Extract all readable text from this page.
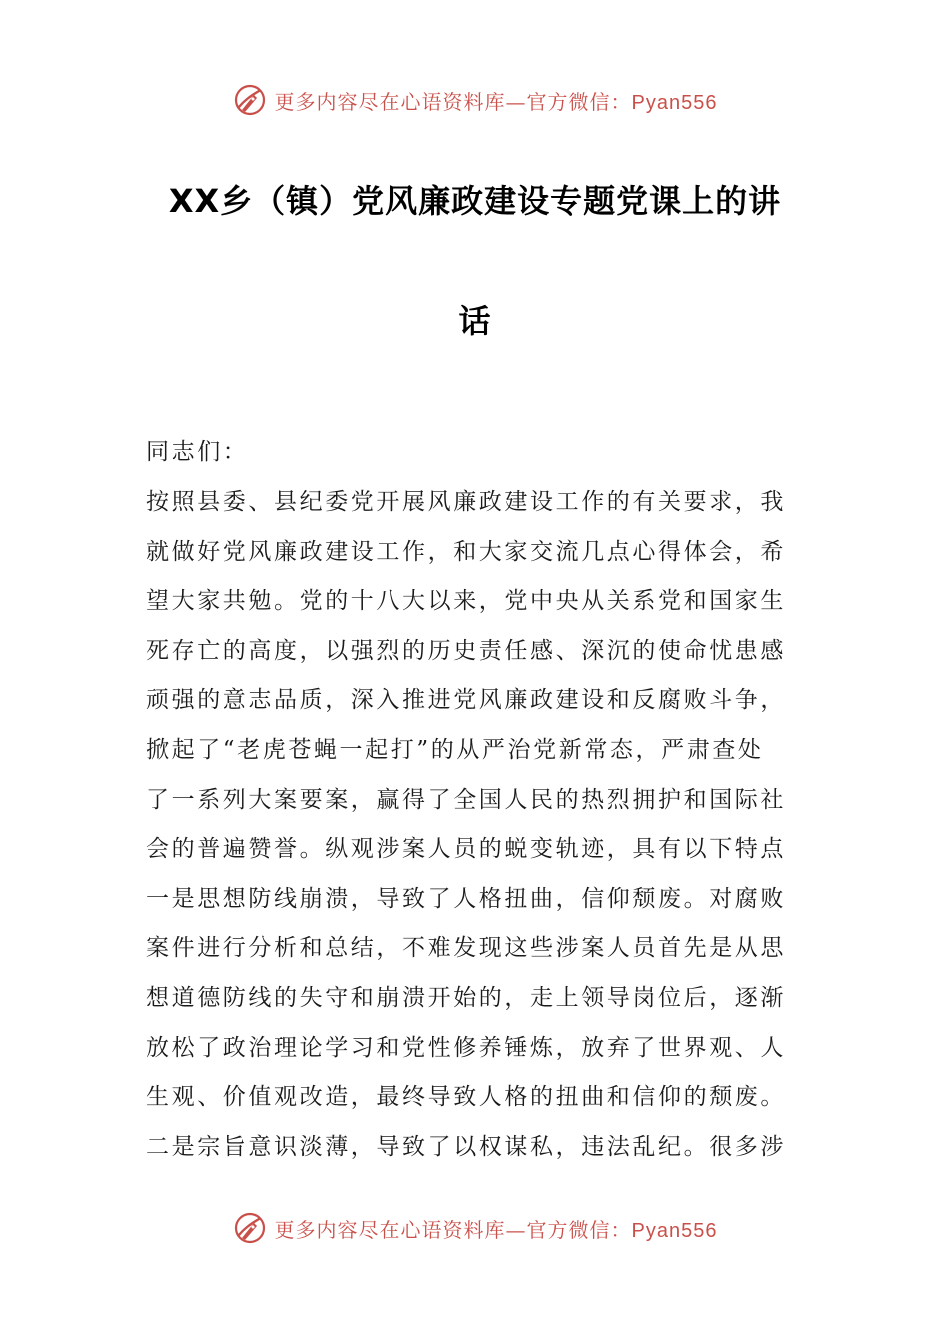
更多内容尽在心语资料库—官方微信：Pyan556
XX乡（镇）党风廉政建设专题党课上的讲
话
同志们：
按照县委、县纪委党开展风廉政建设工作的有关要求，我
就做好党风廉政建设工作，和大家交流几点心得体会，希
望大家共勉。党的十八大以来，党中央从关系党和国家生
死存亡的高度，以强烈的历史责任感、深沉的使命忧患感
顽强的意志品质，深入推进党风廉政建设和反腐败斗争，
掀起了“老虎苍蝇一起打”的从严治党新常态，严肃查处
了一系列大案要案，赢得了全国人民的热烈拥护和国际社
会的普遍赞誉。纵观涉案人员的蜕变轨迹，具有以下特点
一是思想防线崩溃，导致了人格扭曲，信仰颓废。对腐败
案件进行分析和总结，不难发现这些涉案人员首先是从思
想道德防线的失守和崩溃开始的，走上领导岗位后，逐渐
放松了政治理论学习和党性修养锤炼，放弃了世界观、人
生观、价值观改造，最终导致人格的扭曲和信仰的颓废。
二是宗旨意识淡薄，导致了以权谋私，违法乱纪。很多涉
更多内容尽在心语资料库—官方微信：Pyan556
